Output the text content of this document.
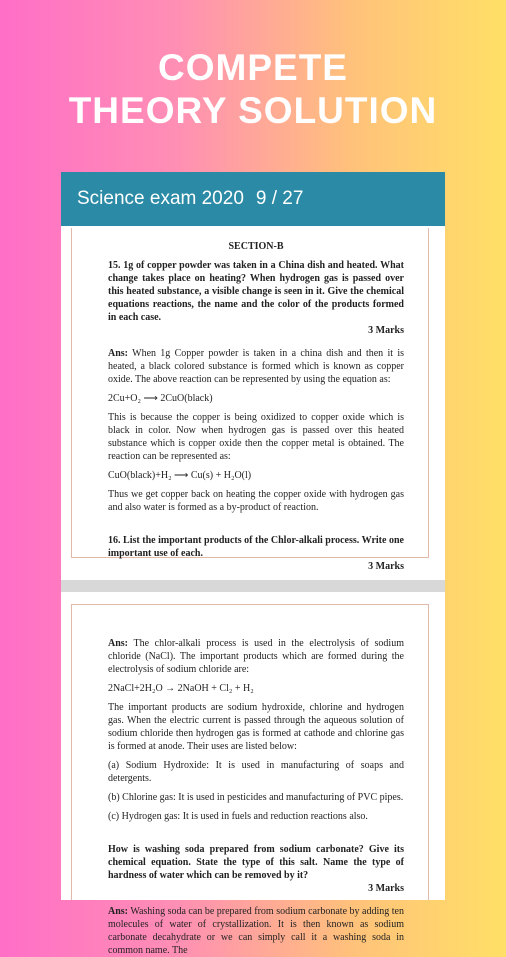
COMPETE
THEORY SOLUTION
Science exam 2020 9 / 27
SECTION-B

15. 1g of copper powder was taken in a China dish and heated. What change takes place on heating? When hydrogen gas is passed over this heated substance, a visible change is seen in it. Give the chemical equations reactions, the name and the color of the products formed in each case.

3 Marks

Ans: When 1g Copper powder is taken in a china dish and then it is heated, a black colored substance is formed which is known as copper oxide. The above reaction can be represented by using the equation as:

2Cu+O₂ ⟶ 2CuO(black)

This is because the copper is being oxidized to copper oxide which is black in color. Now when hydrogen gas is passed over this heated substance which is copper oxide then the copper metal is obtained. The reaction can be represented as:

CuO(black)+H₂ ⟶ Cu(s) + H₂O(l)

Thus we get copper back on heating the copper oxide with hydrogen gas and also water is formed as a by-product of reaction.

16. List the important products of the Chlor-alkali process. Write one important use of each.

3 Marks

Ans: The chlor-alkali process is used in the electrolysis of sodium chloride (NaCl). The important products which are formed during the electrolysis of sodium chloride are:

2NaCl+2H₂O → 2NaOH + Cl₂ + H₂

The important products are sodium hydroxide, chlorine and hydrogen gas. When the electric current is passed through the aqueous solution of sodium chloride then hydrogen gas is formed at cathode and chlorine gas is formed at anode. Their uses are listed below:

(a) Sodium Hydroxide: It is used in manufacturing of soaps and detergents.

(b) Chlorine gas: It is used in pesticides and manufacturing of PVC pipes.

(c) Hydrogen gas: It is used in fuels and reduction reactions also.

How is washing soda prepared from sodium carbonate? Give its chemical equation. State the type of this salt. Name the type of hardness of water which can be removed by it?

3 Marks

Ans: Washing soda can be prepared from sodium carbonate by adding ten molecules of water of crystallization. It is then known as sodium carbonate decahydrate or we can simply call it a washing soda in common name. The
